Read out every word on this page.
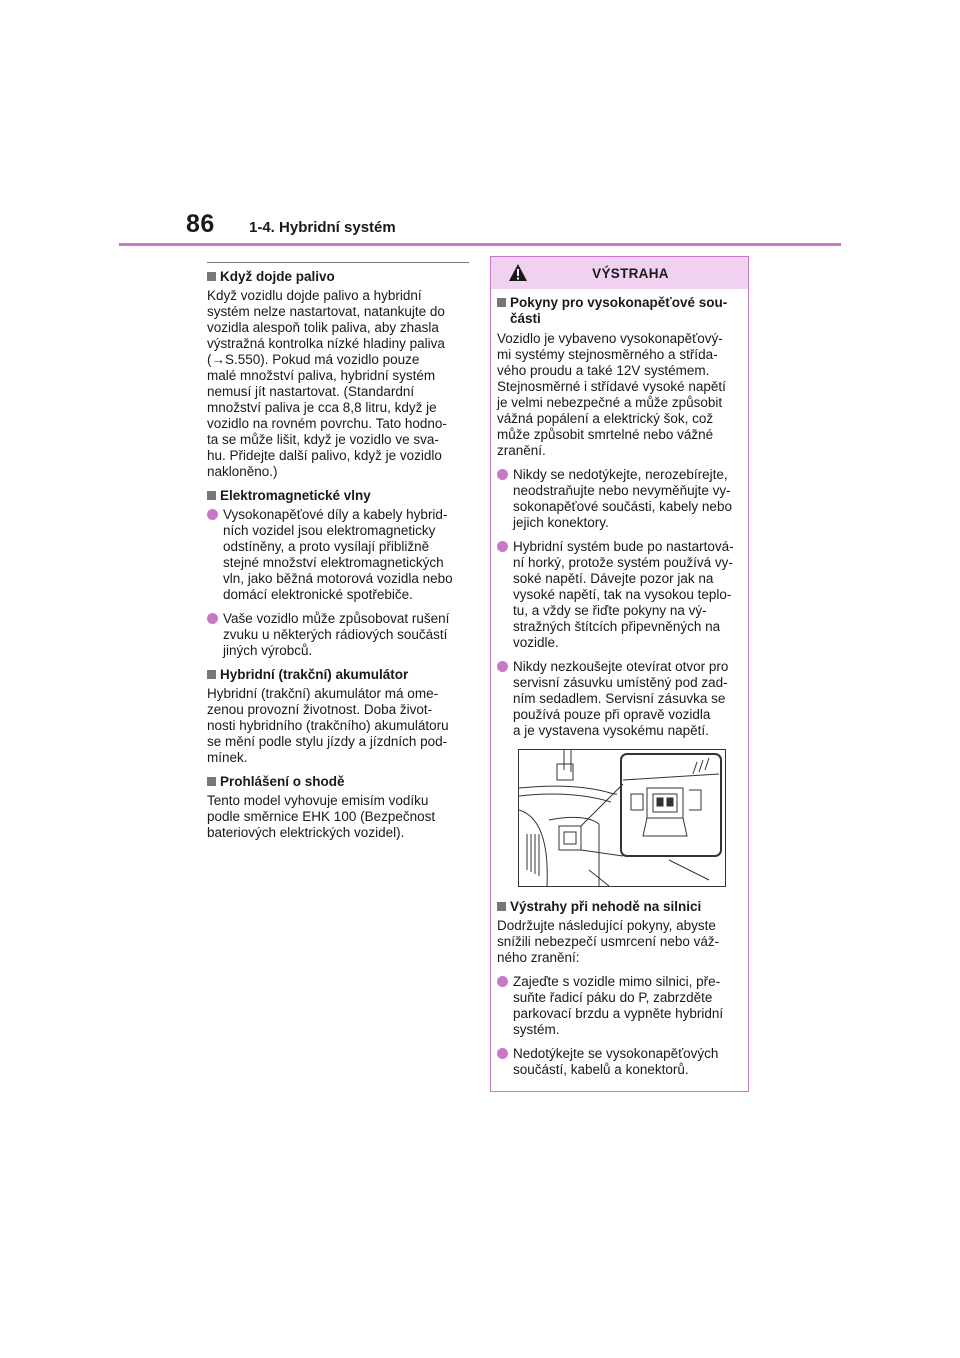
86 1-4. Hybridní systém
Když dojde palivo
Když vozidlu dojde palivo a hybridní
systém nelze nastartovat, natankujte do
vozidla alespoň tolik paliva, aby zhasla
výstražná kontrolka nízké hladiny paliva
(→S.550). Pokud má vozidlo pouze
malé množství paliva, hybridní systém
nemusí jít nastartovat. (Standardní
množství paliva je cca 8,8 litru, když je
vozidlo na rovném povrchu. Tato hodno-
ta se může lišit, když je vozidlo ve sva-
hu. Přidejte další palivo, když je vozidlo
nakloněno.)
Elektromagnetické vlny
Vysokonapěťové díly a kabely hybrid-
ních vozidel jsou elektromagneticky
odstíněny, a proto vysílají přibližně
stejné množství elektromagnetických
vln, jako běžná motorová vozidla nebo
domácí elektronické spotřebiče.
Vaše vozidlo může způsobovat rušení
zvuku u některých rádiových součástí
jiných výrobců.
Hybridní (trakční) akumulátor
Hybridní (trakční) akumulátor má ome-
zenou provozní životnost. Doba život-
nosti hybridního (trakčního) akumulátoru
se mění podle stylu jízdy a jízdních pod-
mínek.
Prohlášení o shodě
Tento model vyhovuje emisím vodíku
podle směrnice EHK 100 (Bezpečnost
bateriových elektrických vozidel).
VÝSTRAHA
Pokyny pro vysokonapěťové sou-
části
Vozidlo je vybaveno vysokonapěťový-
mi systémy stejnosměrného a střída-
vého proudu a také 12V systémem.
Stejnosměrné i střídavé vysoké napětí
je velmi nebezpečné a může způsobit
vážná popálení a elektrický šok, což
může způsobit smrtelné nebo vážné
zranění.
Nikdy se nedotýkejte, nerozebírejte,
neodstraňujte nebo nevyměňujte vy-
sokonapěťové součásti, kabely nebo
jejich konektory.
Hybridní systém bude po nastartová-
ní horký, protože systém používá vy-
soké napětí. Dávejte pozor jak na
vysoké napětí, tak na vysokou teplo-
tu, a vždy se řiďte pokyny na vý-
stražných štítcích připevněných na
vozidle.
Nikdy nezkoušejte otevírat otvor pro
servisní zásuvku umístěný pod zad-
ním sedadlem. Servisní zásuvka se
používá pouze při opravě vozidla
a je vystavena vysokému napětí.
Výstrahy při nehodě na silnici
Dodržujte následující pokyny, abyste
snížili nebezpečí usmrcení nebo váž-
ného zranění:
Zajeďte s vozidle mimo silnici, pře-
suňte řadicí páku do P, zabrzděte
parkovací brzdu a vypněte hybridní
systém.
Nedotýkejte se vysokonapěťových
součástí, kabelů a konektorů.
